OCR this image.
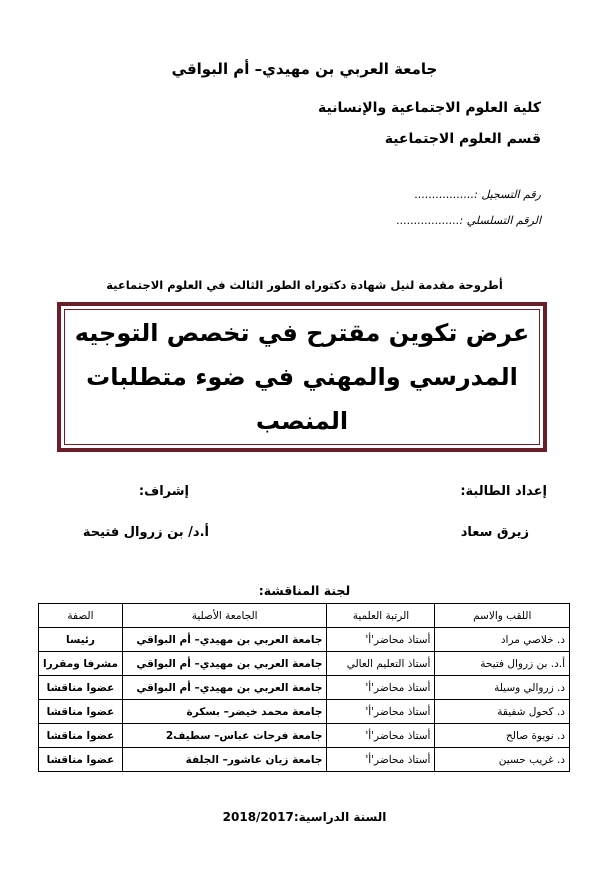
جامعة العربي بن مهيدي– أم البواقي
كلية العلوم الاجتماعية والإنسانية
قسم العلوم الاجتماعية
رقم التسجيل :.................
الرقم التسلسلي :..................
أطروحة مقدمة لنيل شهادة دكتوراه الطور الثالث في العلوم الاجتماعية
عرض تكوين مقترح في تخصص التوجيه
المدرسي والمهني في ضوء متطلبات المنصب
إعداد الطالبة:
إشراف:
زيرق سعاد
أ.د/ بن زروال فتيحة
لجنة المناقشة:
اللقب والاسم	الرتبة العلمية	الجامعة الأصلية	الصفة
د. خلاصي مراد	أستاذ محاضر'أ'	جامعة العربي بن مهيدي– أم البواقي	رئيسا
أ.د. بن زروال فتيحة	أستاذ التعليم العالي	جامعة العربي بن مهيدي– أم البواقي	مشرفا ومقررا
د. زروالي وسيلة	أستاذ محاضر'أ'	جامعة العربي بن مهيدي– أم البواقي	عضوا مناقشا
د. كحول شفيقة	أستاذ محاضر'أ'	جامعة محمد خيضر– بسكرة	عضوا مناقشا
د. نويوة صالح	أستاذ محاضر'أ'	جامعة فرحات عباس– سطيف2	عضوا مناقشا
د. غريب حسين	أستاذ محاضر'أ'	جامعة زيان عاشور– الجلفة	عضوا مناقشا
السنة الدراسية:2018/2017
